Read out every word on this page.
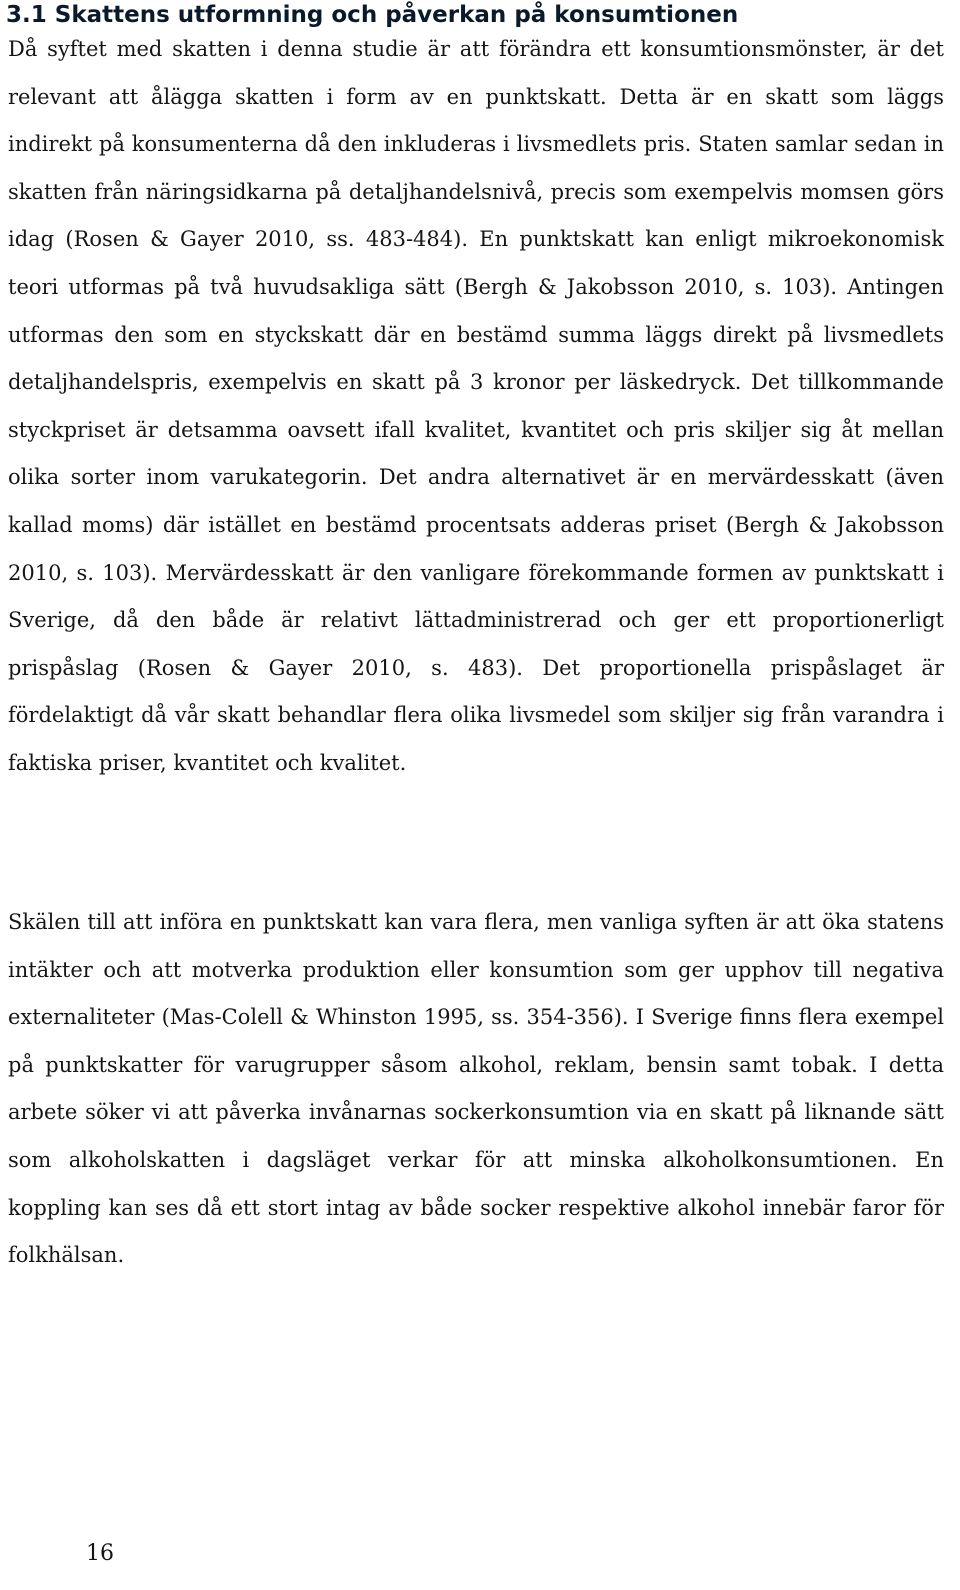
3.1 Skattens utformning och påverkan på konsumtionen

Då syftet med skatten i denna studie är att förändra ett konsumtionsmönster, är det relevant att ålägga skatten i form av en punktskatt. Detta är en skatt som läggs indirekt på konsumenterna då den inkluderas i livsmedlets pris. Staten samlar sedan in skatten från näringsidkarna på detaljhandelsnivå, precis som exempelvis momsen görs idag (Rosen & Gayer 2010, ss. 483-484). En punktskatt kan enligt mikroekonomisk teori utformas på två huvudsakliga sätt (Bergh & Jakobsson 2010, s. 103). Antingen utformas den som en styckskatt där en bestämd summa läggs direkt på livsmedlets detaljhandelspris, exempelvis en skatt på 3 kronor per läskedryck. Det tillkommande styckpriset är detsamma oavsett ifall kvalitet, kvantitet och pris skiljer sig åt mellan olika sorter inom varukategorin. Det andra alternativet är en mervärdesskatt (även kallad moms) där istället en bestämd procentsats adderas priset (Bergh & Jakobsson 2010, s. 103). Mervärdesskatt är den vanligare förekommande formen av punktskatt i Sverige, då den både är relativt lättadministrerad och ger ett proportionerligt prispåslag (Rosen & Gayer 2010, s. 483). Det proportionella prispåslaget är fördelaktigt då vår skatt behandlar flera olika livsmedel som skiljer sig från varandra i faktiska priser, kvantitet och kvalitet.

Skälen till att införa en punktskatt kan vara flera, men vanliga syften är att öka statens intäkter och att motverka produktion eller konsumtion som ger upphov till negativa externaliteter (Mas-Colell & Whinston 1995, ss. 354-356). I Sverige finns flera exempel på punktskatter för varugrupper såsom alkohol, reklam, bensin samt tobak. I detta arbete söker vi att påverka invånarnas sockerkonsumtion via en skatt på liknande sätt som alkoholskatten i dagsläget verkar för att minska alkoholkonsumtionen. En koppling kan ses då ett stort intag av både socker respektive alkohol innebär faror för folkhälsan.

16
